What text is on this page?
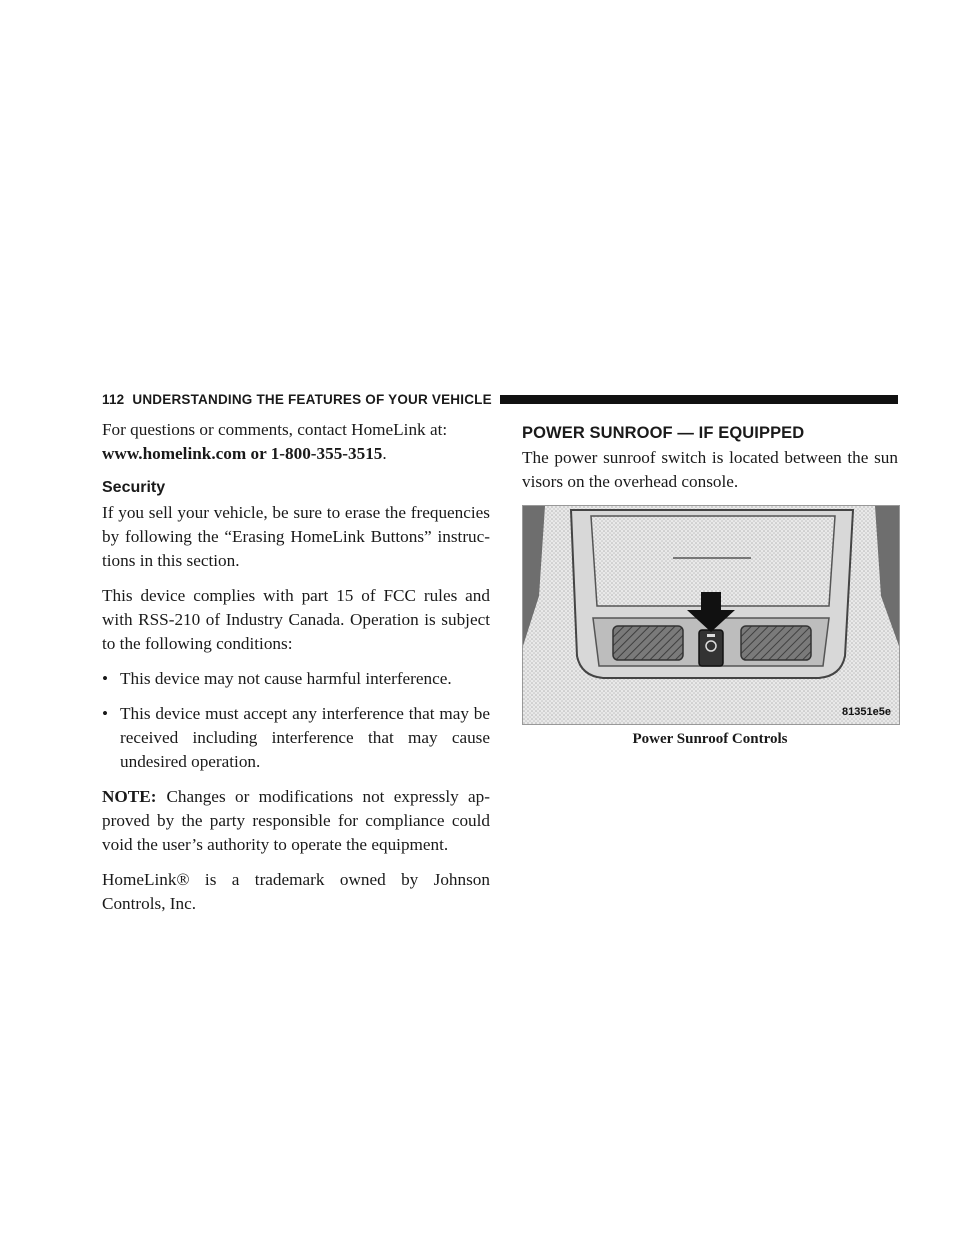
112 UNDERSTANDING THE FEATURES OF YOUR VEHICLE

For questions or comments, contact HomeLink at:
www.homelink.com or 1-800-355-3515.

Security

If you sell your vehicle, be sure to erase the frequencies by following the “Erasing HomeLink Buttons” instructions in this section.

This device complies with part 15 of FCC rules and with RSS-210 of Industry Canada. Operation is subject to the following conditions:

• This device may not cause harmful interference.
• This device must accept any interference that may be received including interference that may cause undesired operation.

NOTE: Changes or modifications not expressly approved by the party responsible for compliance could void the user’s authority to operate the equipment.

HomeLink® is a trademark owned by Johnson Controls, Inc.

POWER SUNROOF — IF EQUIPPED

The power sunroof switch is located between the sun visors on the overhead console.

81351e5e
Power Sunroof Controls
